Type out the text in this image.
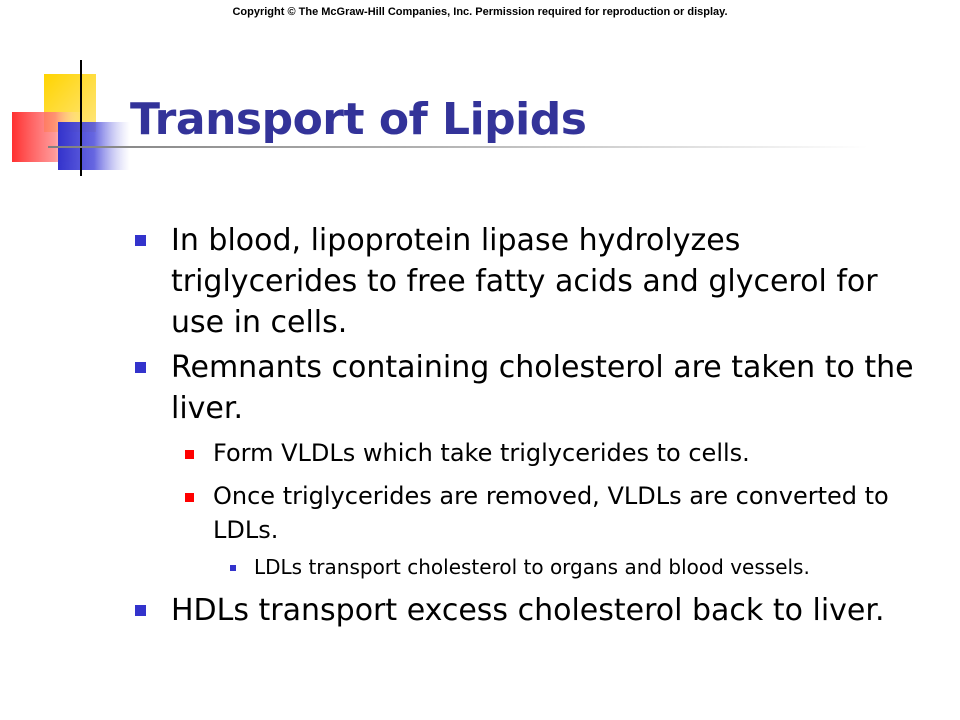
Copyright © The McGraw-Hill Companies, Inc. Permission required for reproduction or display.
Transport of Lipids
In blood, lipoprotein lipase hydrolyzes triglycerides to free fatty acids and glycerol for use in cells.
Remnants containing cholesterol are taken to the liver.
Form VLDLs which take triglycerides to cells.
Once triglycerides are removed, VLDLs are converted to LDLs.
LDLs transport cholesterol to organs and blood vessels.
HDLs transport excess cholesterol back to liver.
